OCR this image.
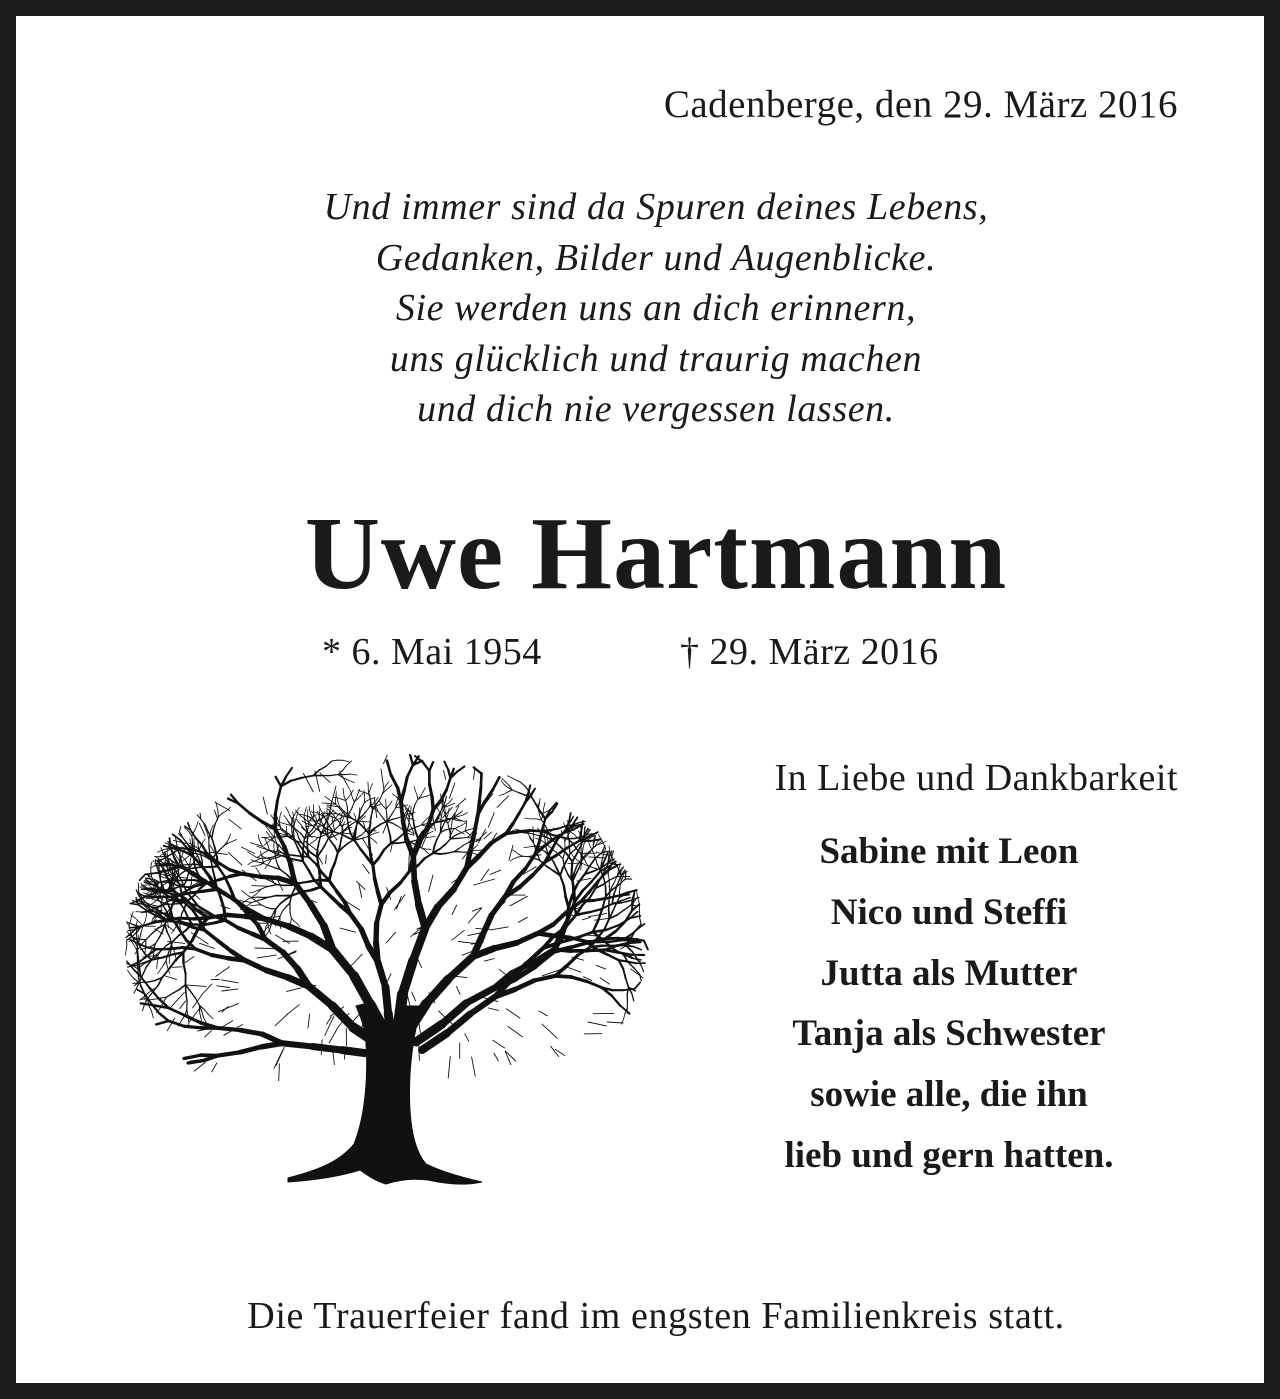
Cadenberge, den 29. März 2016
Und immer sind da Spuren deines Lebens,
Gedanken, Bilder und Augenblicke.
Sie werden uns an dich erinnern,
uns glücklich und traurig machen
und dich nie vergessen lassen.
Uwe Hartmann
* 6. Mai 1954	† 29. März 2016
In Liebe und Dankbarkeit
Sabine mit Leon
Nico und Steffi
Jutta als Mutter
Tanja als Schwester
sowie alle, die ihn
lieb und gern hatten.
Die Trauerfeier fand im engsten Familienkreis statt.
